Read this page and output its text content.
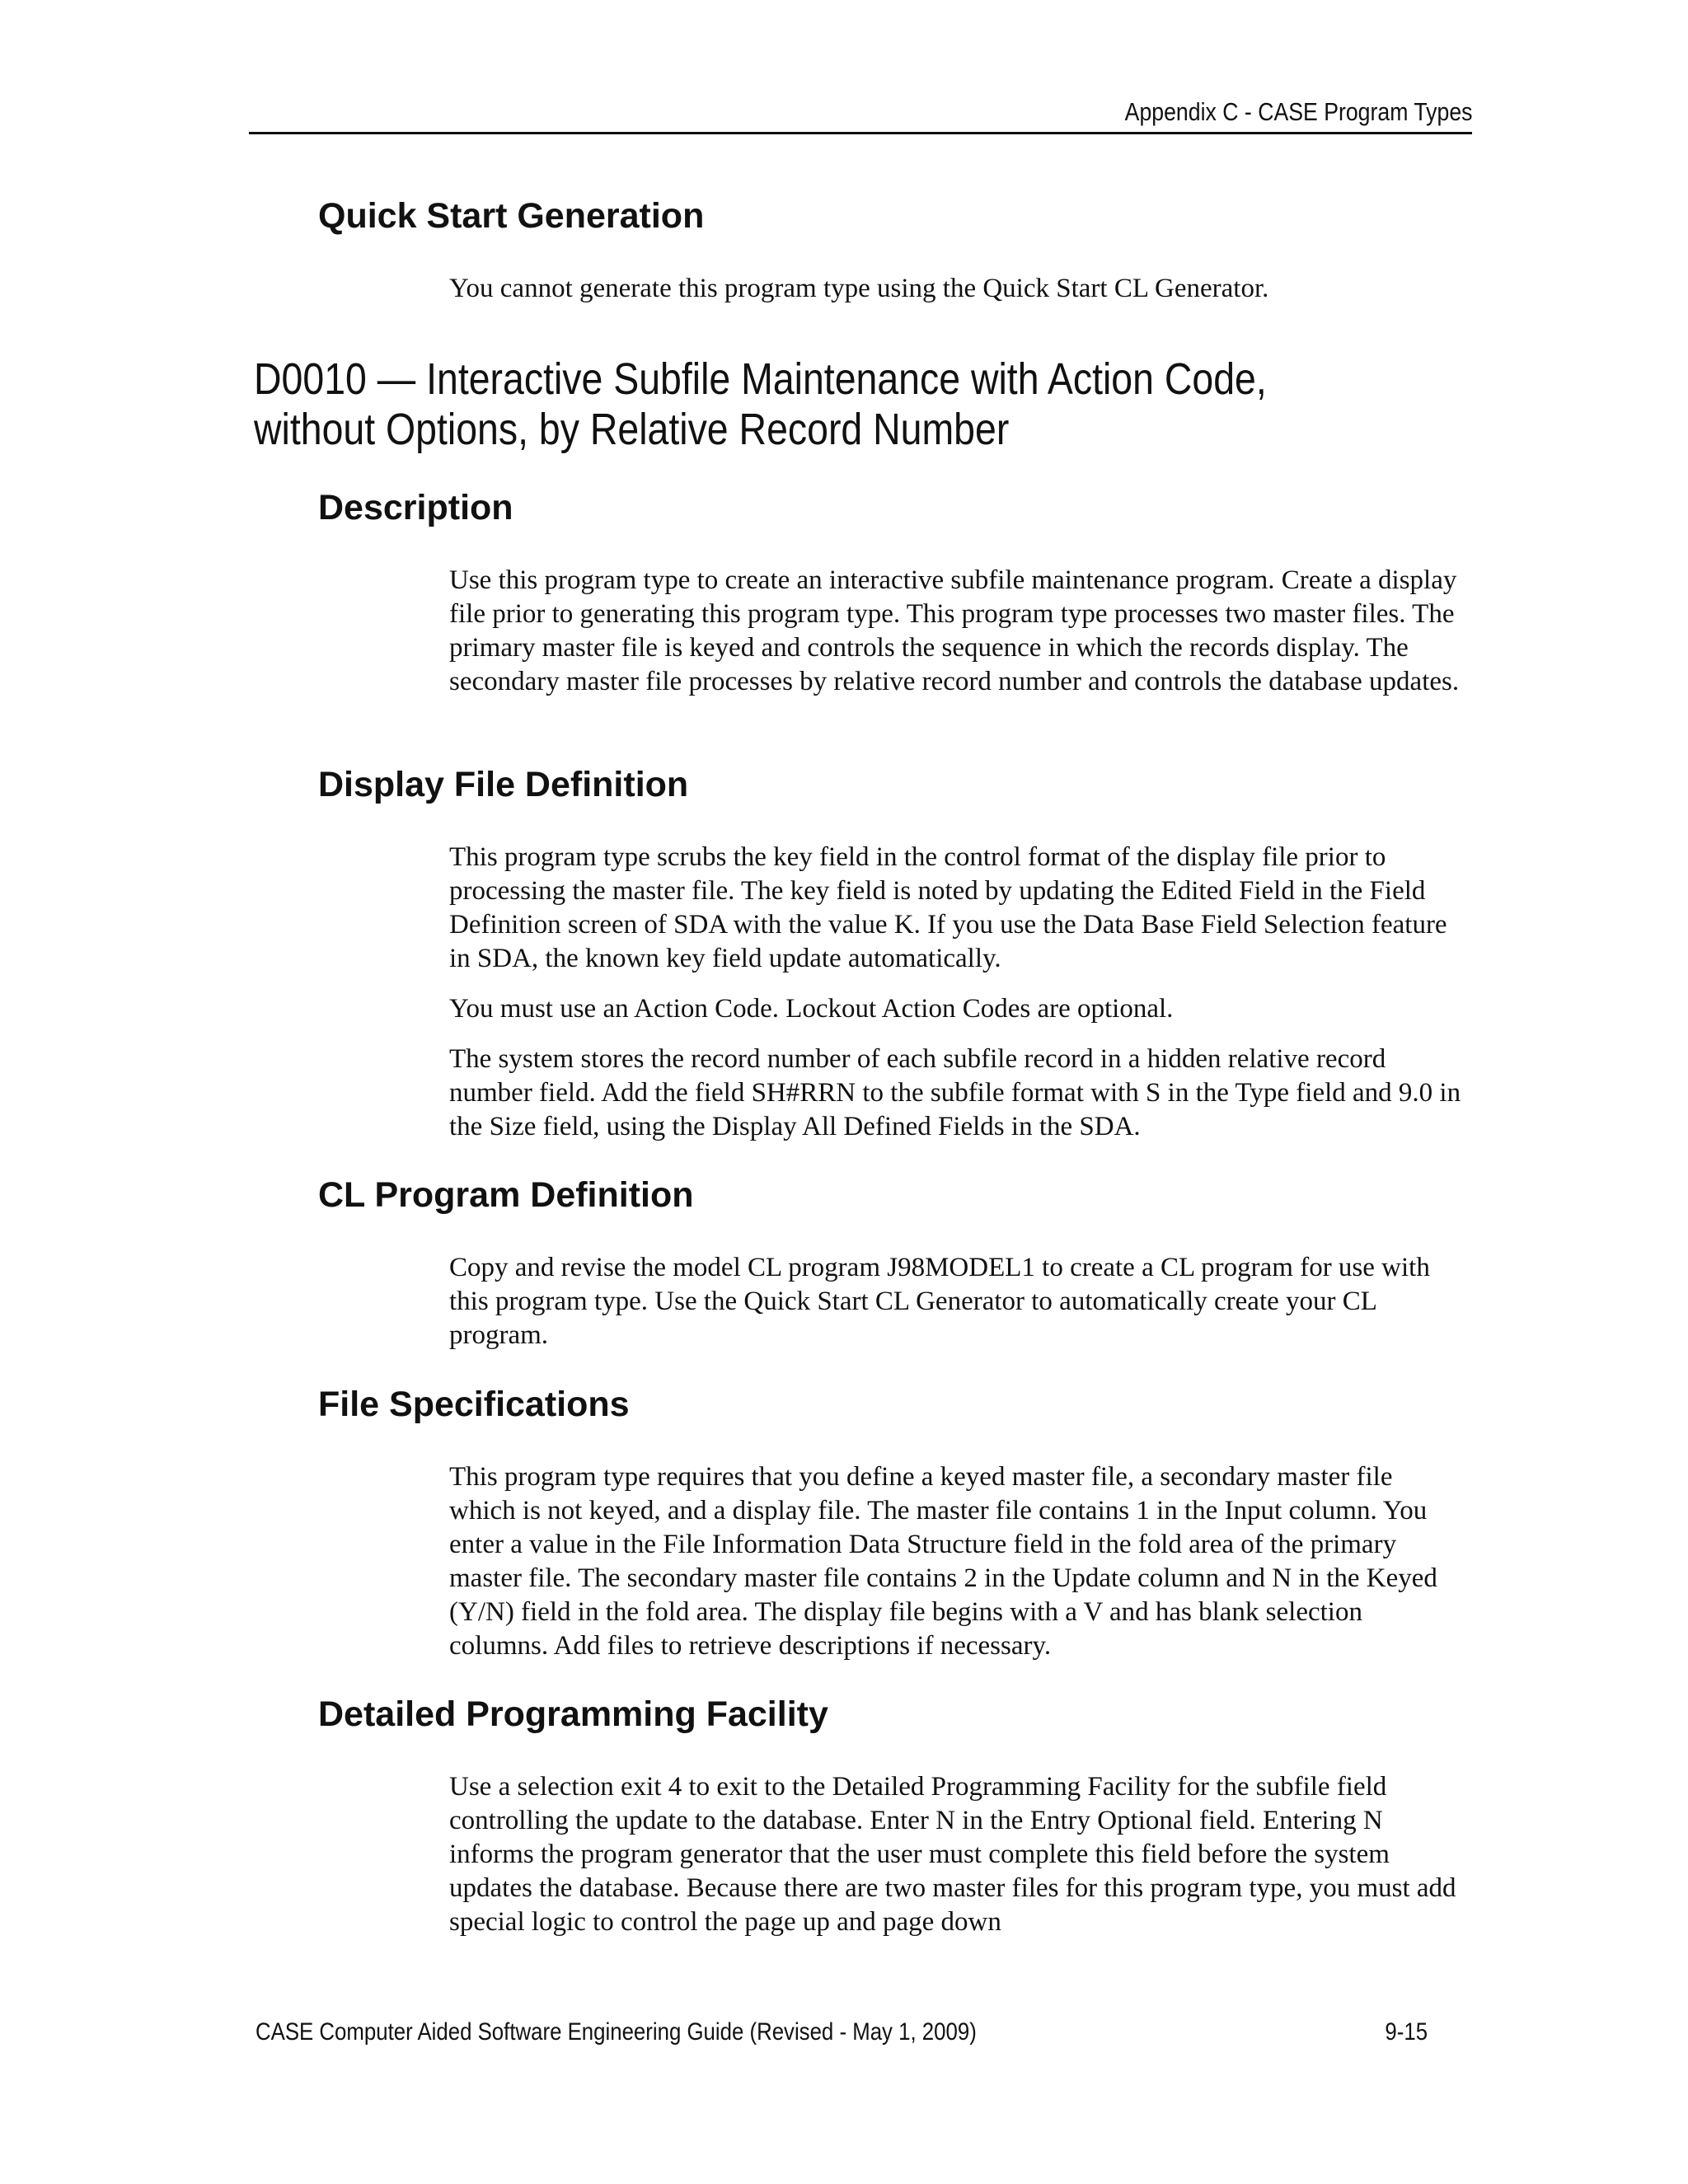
Appendix C - CASE Program Types
Quick Start Generation

You cannot generate this program type using the Quick Start CL Generator.

D0010 — Interactive Subfile Maintenance with Action Code, without Options, by Relative Record Number
Description

Use this program type to create an interactive subfile maintenance program. Create a display file prior to generating this program type. This program type processes two master files. The primary master file is keyed and controls the sequence in which the records display. The secondary master file processes by relative record number and controls the database updates.

Display File Definition

This program type scrubs the key field in the control format of the display file prior to processing the master file. The key field is noted by updating the Edited Field in the Field Definition screen of SDA with the value K. If you use the Data Base Field Selection feature in SDA, the known key field update automatically.

You must use an Action Code. Lockout Action Codes are optional.

The system stores the record number of each subfile record in a hidden relative record number field. Add the field SH#RRN to the subfile format with S in the Type field and 9.0 in the Size field, using the Display All Defined Fields in the SDA.

CL Program Definition

Copy and revise the model CL program J98MODEL1 to create a CL program for use with this program type. Use the Quick Start CL Generator to automatically create your CL program.

File Specifications

This program type requires that you define a keyed master file, a secondary master file which is not keyed, and a display file. The master file contains 1 in the Input column. You enter a value in the File Information Data Structure field in the fold area of the primary master file. The secondary master file contains 2 in the Update column and N in the Keyed (Y/N) field in the fold area. The display file begins with a V and has blank selection columns. Add files to retrieve descriptions if necessary.

Detailed Programming Facility

Use a selection exit 4 to exit to the Detailed Programming Facility for the subfile field controlling the update to the database. Enter N in the Entry Optional field. Entering N informs the program generator that the user must complete this field before the system updates the database. Because there are two master files for this program type, you must add special logic to control the page up and page down

CASE Computer Aided Software Engineering Guide (Revised - May 1, 2009)	9-15
